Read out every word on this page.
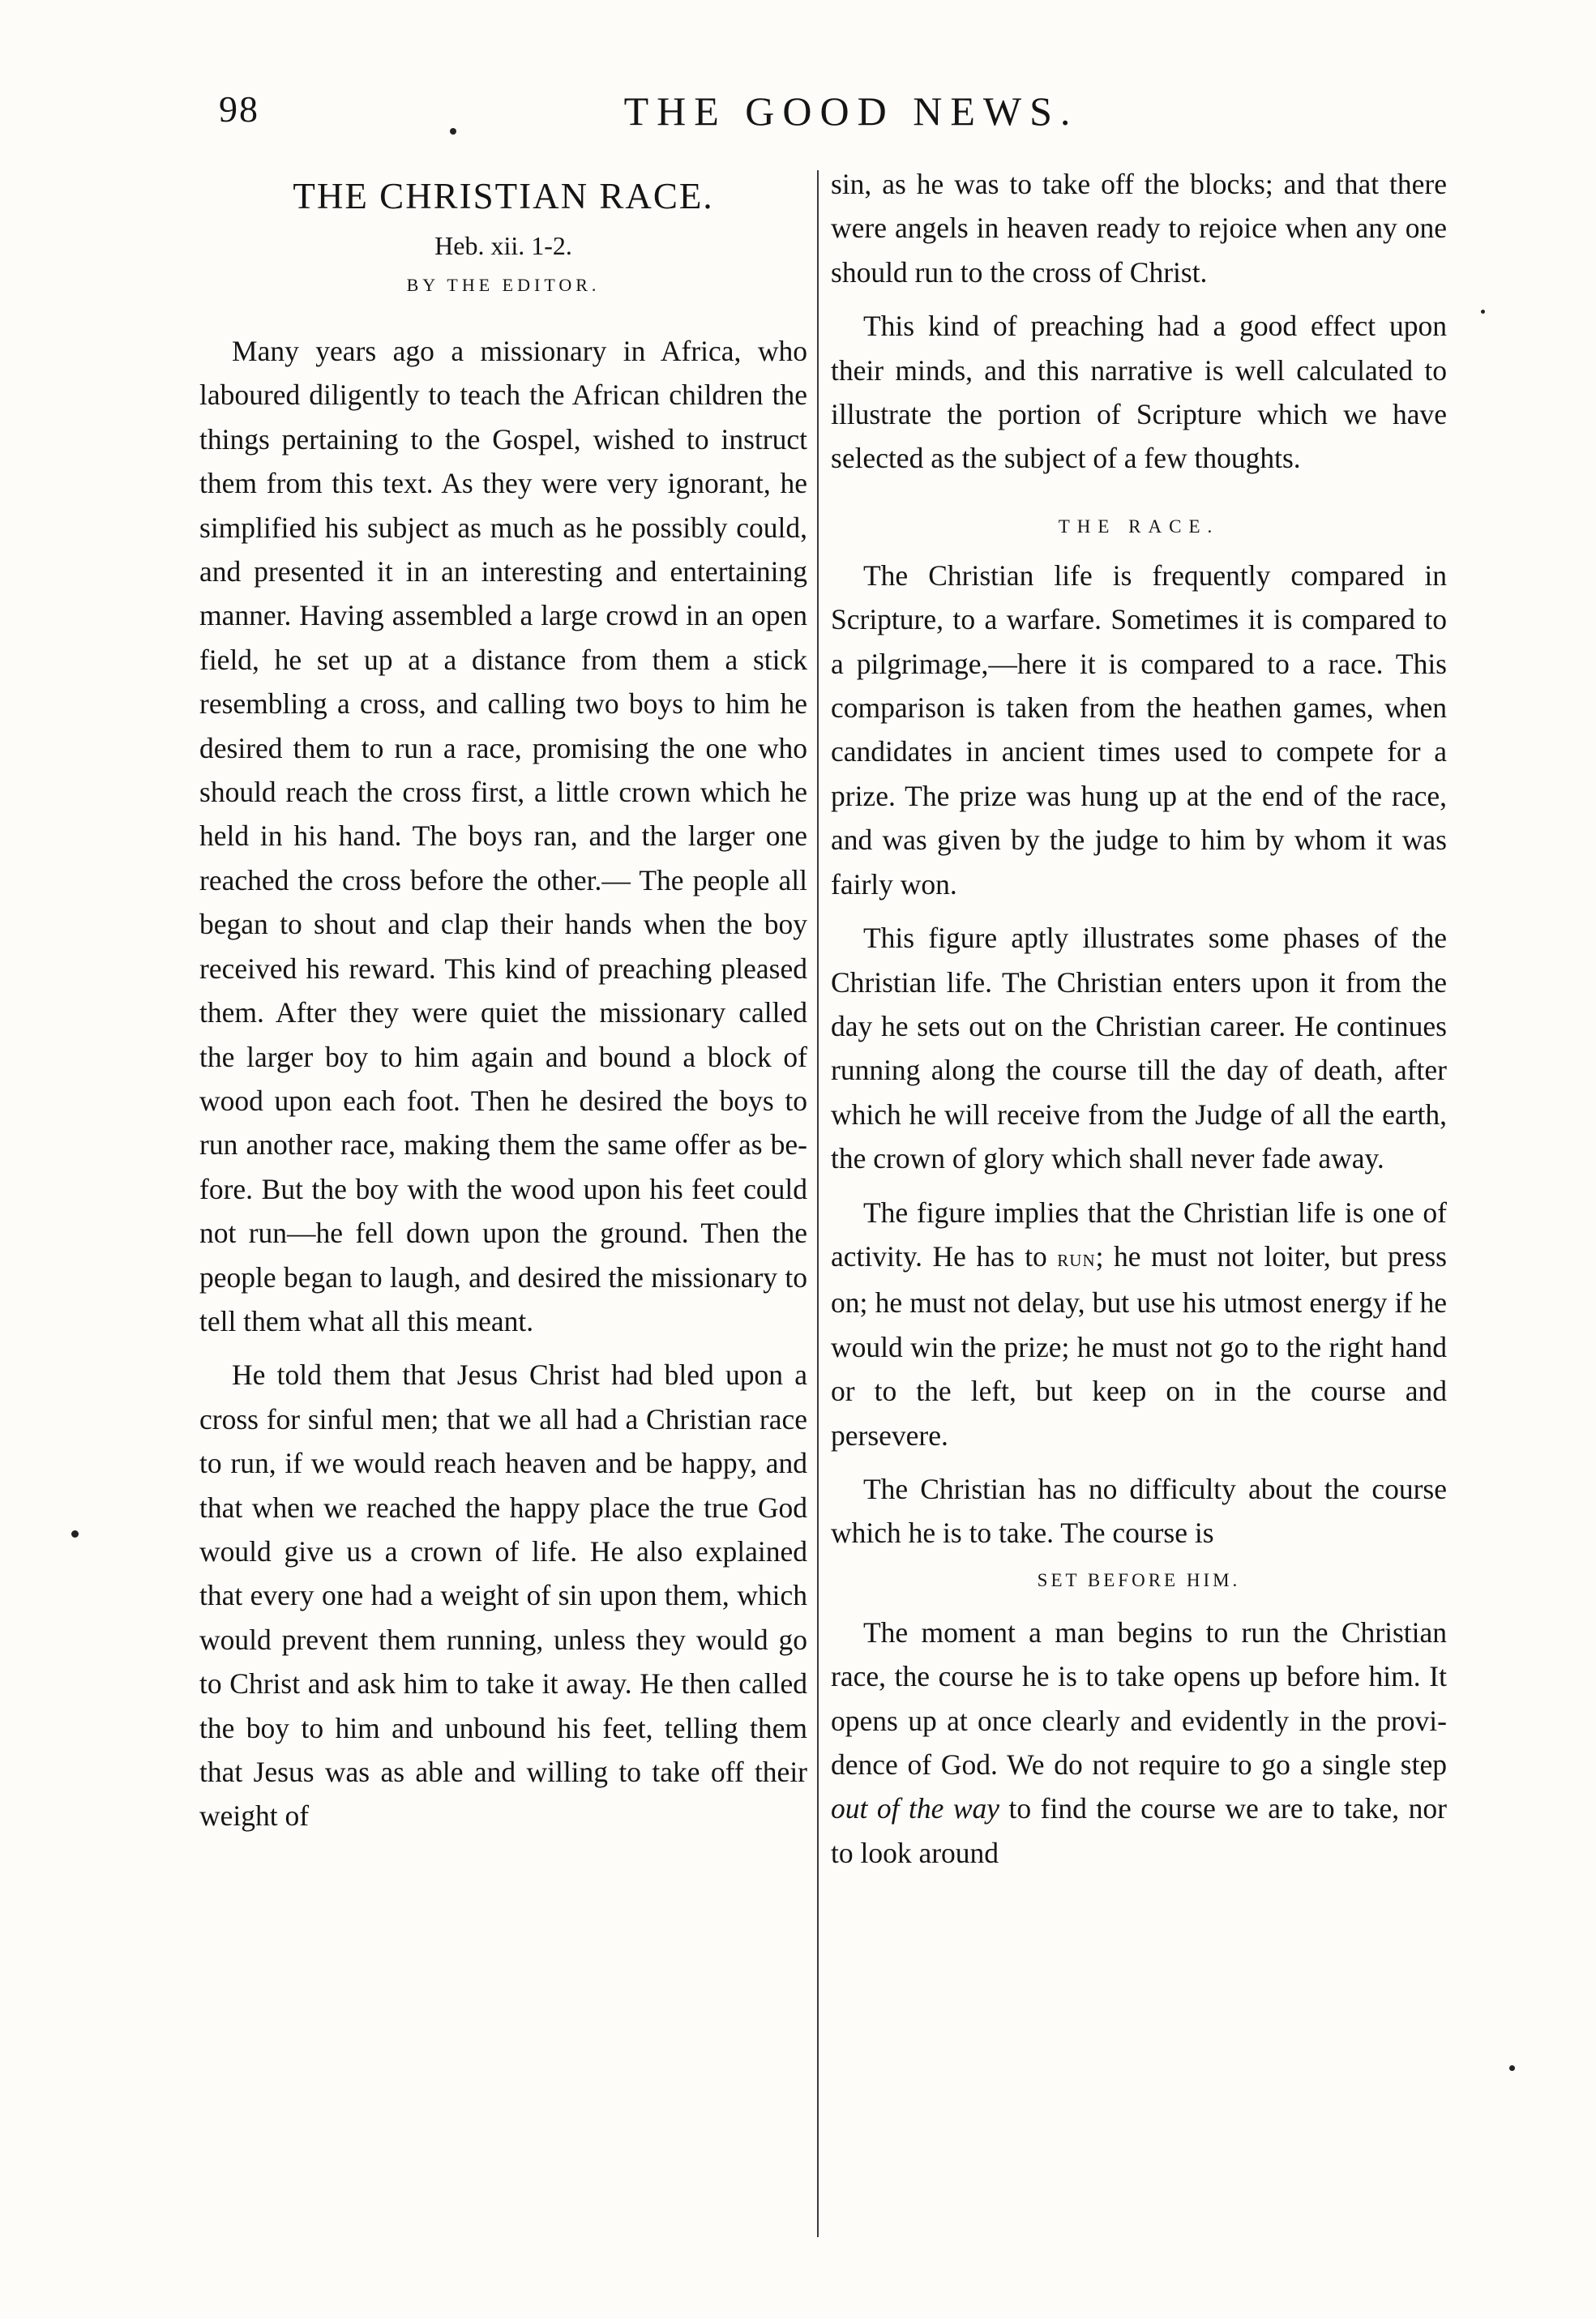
98	THE GOOD NEWS.
THE CHRISTIAN RACE.
Heb. xii. 1-2.
BY THE EDITOR.

Many years ago a missionary in Africa, who laboured diligently to teach the African children the things pertaining to the Gospel, wished to instruct them from this text. As they were very ignorant, he simplified his subject as much as he possibly could, and presented it in an interesting and entertaining manner. Having assembled a large crowd in an open field, he set up at a distance from them a stick resembling a cross, and calling two boys to him he desired them to run a race, promising the one who should reach the cross first, a little crown which he held in his hand. The boys ran, and the larger one reached the cross before the other.— The people all began to shout and clap their hands when the boy received his reward. This kind of preaching pleased them. After they were quiet the missionary called the larger boy to him again and bound a block of wood upon each foot. Then he desired the boys to run another race, making them the same offer as before. But the boy with the wood upon his feet could not run—he fell down upon the ground. Then the people began to laugh, and desired the missionary to tell them what all this meant.

He told them that Jesus Christ had bled upon a cross for sinful men; that we all had a Christian race to run, if we would reach heaven and be happy, and that when we reached the happy place the true God would give us a crown of life. He also explained that every one had a weight of sin upon them, which would prevent them running, unless they would go to Christ and ask him to take it away. He then called the boy to him and unbound his feet, telling them that Jesus was as able and willing to take off their weight of

sin, as he was to take off the blocks; and that there were angels in heaven ready to rejoice when any one should run to the cross of Christ.

This kind of preaching had a good effect upon their minds, and this narrative is well calculated to illustrate the portion of Scripture which we have selected as the subject of a few thoughts.

THE RACE.

The Christian life is frequently compared in Scripture, to a warfare. Sometimes it is compared to a pilgrimage,—here it is compared to a race. This comparison is taken from the heathen games, when candidates in ancient times used to compete for a prize. The prize was hung up at the end of the race, and was given by the judge to him by whom it was fairly won.

This figure aptly illustrates some phases of the Christian life. The Christian enters upon it from the day he sets out on the Christian career. He continues running along the course till the day of death, after which he will receive from the Judge of all the earth, the crown of glory which shall never fade away.

The figure implies that the Christian life is one of activity. He has to run; he must not loiter, but press on; he must not delay, but use his utmost energy if he would win the prize; he must not go to the right hand or to the left, but keep on in the course and persevere.

The Christian has no difficulty about the course which he is to take. The course is

SET BEFORE HIM.

The moment a man begins to run the Christian race, the course he is to take opens up before him. It opens up at once clearly and evidently in the providence of God. We do not require to go a single step out of the way to find the course we are to take, nor to look around
